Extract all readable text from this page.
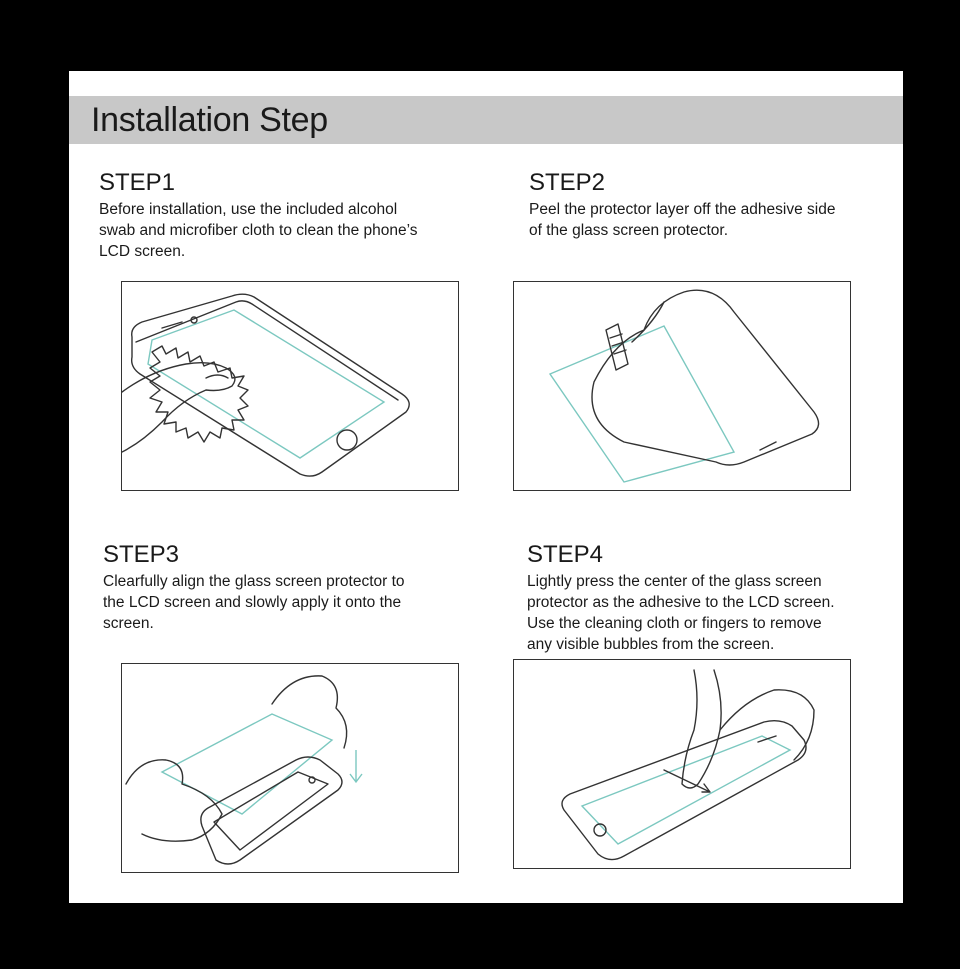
Installation Step

STEP1

Before installation, use the included alcohol
swab and microfiber cloth to clean the phone’s
LCD screen.

STEP2

Peel the protector layer off the adhesive side
of the glass screen protector.

STEP3

Clearfully align the glass screen protector to
the LCD screen and slowly apply it onto the
screen.

STEP4

Lightly press the center of the glass screen
protector as the adhesive to the LCD screen.
Use the cleaning cloth or fingers to remove
any visible bubbles from the screen.
